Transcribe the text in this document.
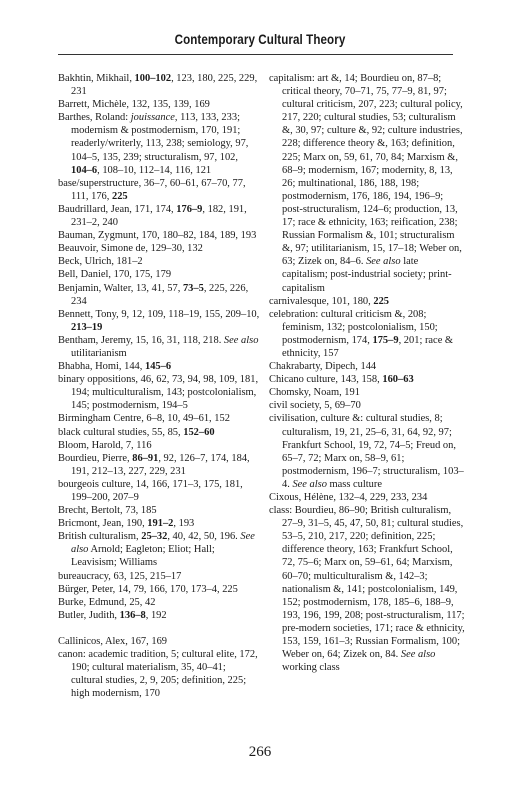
Contemporary Cultural Theory

Bakhtin, Mikhail, 100–102, 123, 180, 225, 229, 231

Barrett, Michèle, 132, 135, 139, 169

Barthes, Roland: jouissance, 113, 133, 233; modernism & postmodernism, 170, 191; readerly/writerly, 113, 238; semiology, 97, 104–5, 135, 239; structuralism, 97, 102, 104–6, 108–10, 112–14, 116, 121

base/superstructure, 36–7, 60–61, 67–70, 77, 111, 176, 225

Baudrillard, Jean, 171, 174, 176–9, 182, 191, 231–2, 240

Bauman, Zygmunt, 170, 180–82, 184, 189, 193

Beauvoir, Simone de, 129–30, 132

Beck, Ulrich, 181–2

Bell, Daniel, 170, 175, 179

Benjamin, Walter, 13, 41, 57, 73–5, 225, 226, 234

Bennett, Tony, 9, 12, 109, 118–19, 155, 209–10, 213–19

Bentham, Jeremy, 15, 16, 31, 118, 218. See also utilitarianism

Bhabha, Homi, 144, 145–6

binary oppositions, 46, 62, 73, 94, 98, 109, 181, 194; multiculturalism, 143; postcolonialism, 145; postmodernism, 194–5

Birmingham Centre, 6–8, 10, 49–61, 152

black cultural studies, 55, 85, 152–60

Bloom, Harold, 7, 116

Bourdieu, Pierre, 86–91, 92, 126–7, 174, 184, 191, 212–13, 227, 229, 231

bourgeois culture, 14, 166, 171–3, 175, 181, 199–200, 207–9

Brecht, Bertolt, 73, 185

Bricmont, Jean, 190, 191–2, 193

British culturalism, 25–32, 40, 42, 50, 196. See also Arnold; Eagleton; Eliot; Hall; Leavisism; Williams

bureaucracy, 63, 125, 215–17

Bürger, Peter, 14, 79, 166, 170, 173–4, 225

Burke, Edmund, 25, 42

Butler, Judith, 136–8, 192

Callinicos, Alex, 167, 169

canon: academic tradition, 5; cultural elite, 172, 190; cultural materialism, 35, 40–41; cultural studies, 2, 9, 205; definition, 225; high modernism, 170

capitalism: art &, 14; Bourdieu on, 87–8; critical theory, 70–71, 75, 77–9, 81, 97; cultural criticism, 207, 223; cultural policy, 217, 220; cultural studies, 53; culturalism &, 30, 97; culture &, 92; culture industries, 228; difference theory &, 163; definition, 225; Marx on, 59, 61, 70, 84; Marxism &, 68–9; modernism, 167; modernity, 8, 13, 26; multinational, 186, 188, 198; postmodernism, 176, 186, 194, 196–9; post-structuralism, 124–6; production, 13, 17; race & ethnicity, 163; reification, 238; Russian Formalism &, 101; structuralism &, 97; utilitarianism, 15, 17–18; Weber on, 63; Zizek on, 84–6. See also late capitalism; post-industrial society; print-capitalism

carnivalesque, 101, 180, 225

celebration: cultural criticism &, 208; feminism, 132; postcolonialism, 150; postmodernism, 174, 175–9, 201; race & ethnicity, 157

Chakrabarty, Dipech, 144

Chicano culture, 143, 158, 160–63

Chomsky, Noam, 191

civil society, 5, 69–70

civilisation, culture &: cultural studies, 8; culturalism, 19, 21, 25–6, 31, 64, 92, 97; Frankfurt School, 19, 72, 74–5; Freud on, 65–7, 72; Marx on, 58–9, 61; postmodernism, 196–7; structuralism, 103–4. See also mass culture

Cixous, Hélène, 132–4, 229, 233, 234

class: Bourdieu, 86–90; British culturalism, 27–9, 31–5, 45, 47, 50, 81; cultural studies, 53–5, 210, 217, 220; definition, 225; difference theory, 163; Frankfurt School, 72, 75–6; Marx on, 59–61, 64; Marxism, 60–70; multiculturalism &, 142–3; nationalism &, 141; postcolonialism, 149, 152; postmodernism, 178, 185–6, 188–9, 193, 196, 199, 208; post-structuralism, 117; pre-modern societies, 171; race & ethnicity, 153, 159, 161–3; Russian Formalism, 100; Weber on, 64; Zizek on, 84. See also working class

266
